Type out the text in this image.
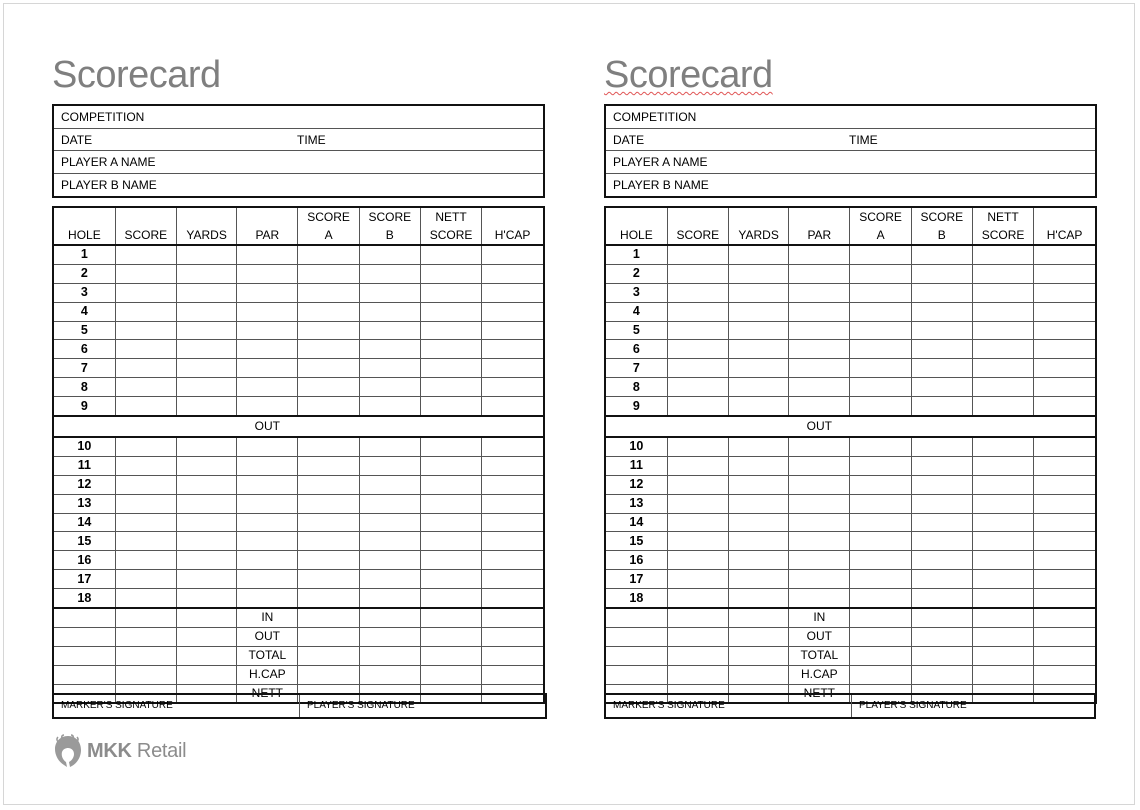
Scorecard
COMPETITION
DATE	TIME
PLAYER A NAME
PLAYER B NAME
				SCORE	SCORE	NETT	
HOLE	SCORE	YARDS	PAR	A	B	SCORE	H'CAP
1							
2							
3							
4							
5							
6							
7							
8							
9							
			OUT				
10							
11							
12							
13							
14							
15							
16							
17							
18							
			IN				
			OUT				
			TOTAL				
			H.CAP				
			NETT				
MARKER'S SIGNATURE	PLAYER'S SIGNATURE
Scorecard
COMPETITION
DATE	TIME
PLAYER A NAME
PLAYER B NAME
				SCORE	SCORE	NETT	
HOLE	SCORE	YARDS	PAR	A	B	SCORE	H'CAP
1							
2							
3							
4							
5							
6							
7							
8							
9							
			OUT				
10							
11							
12							
13							
14							
15							
16							
17							
18							
			IN				
			OUT				
			TOTAL				
			H.CAP				
			NETT				
MARKER'S SIGNATURE	PLAYER'S SIGNATURE
MKK Retail
